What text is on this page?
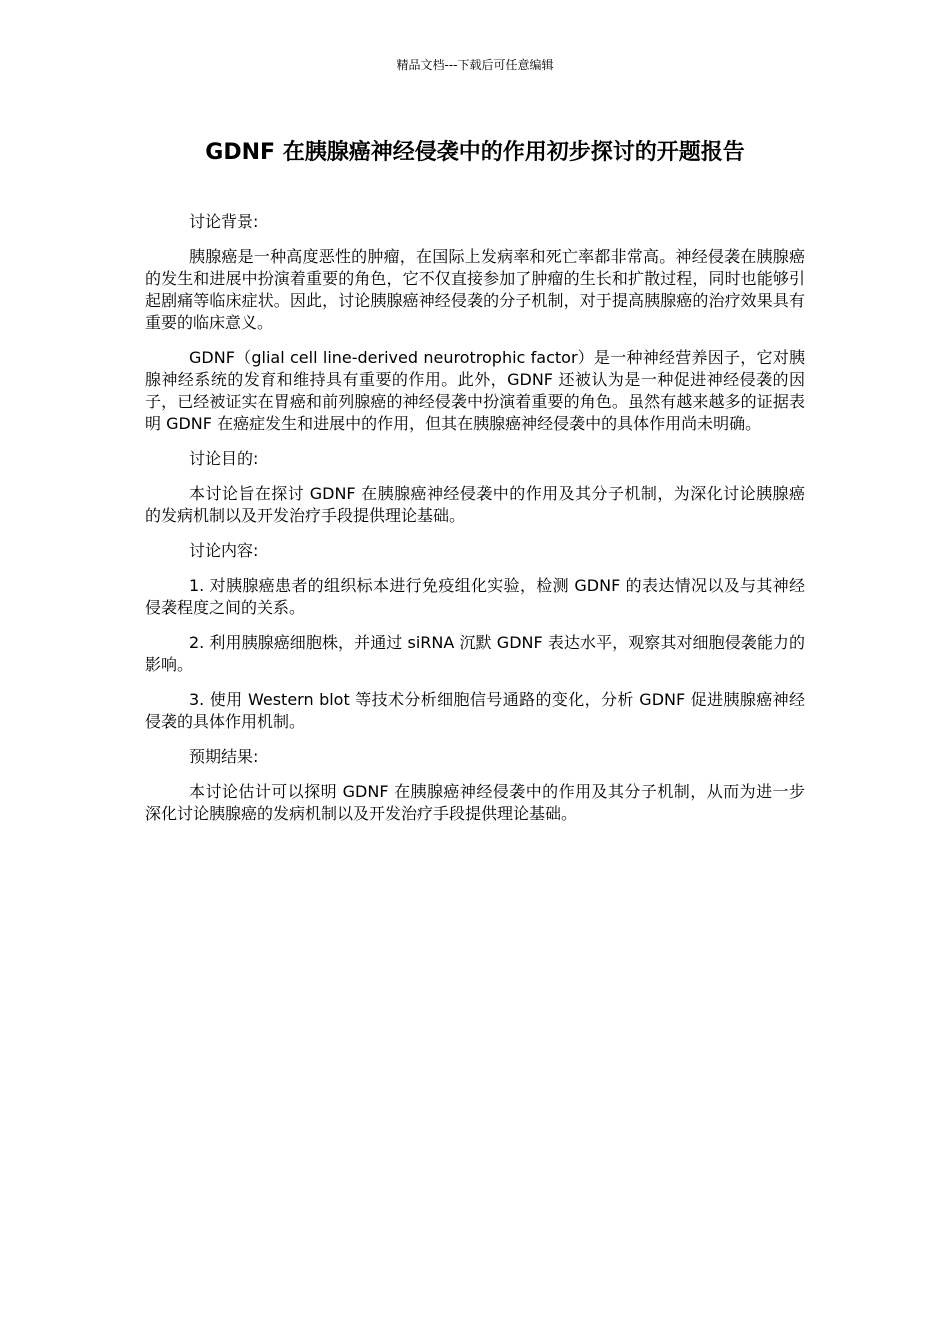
精品文档---下载后可任意编辑
GDNF 在胰腺癌神经侵袭中的作用初步探讨的开题报告

讨论背景:

胰腺癌是一种高度恶性的肿瘤，在国际上发病率和死亡率都非常高。神经侵袭在胰腺癌的发生和进展中扮演着重要的角色，它不仅直接参加了肿瘤的生长和扩散过程，同时也能够引起剧痛等临床症状。因此，讨论胰腺癌神经侵袭的分子机制，对于提高胰腺癌的治疗效果具有重要的临床意义。

GDNF（glial cell line-derived neurotrophic factor）是一种神经营养因子，它对胰腺神经系统的发育和维持具有重要的作用。此外，GDNF 还被认为是一种促进神经侵袭的因子，已经被证实在胃癌和前列腺癌的神经侵袭中扮演着重要的角色。虽然有越来越多的证据表明 GDNF 在癌症发生和进展中的作用，但其在胰腺癌神经侵袭中的具体作用尚未明确。

讨论目的:

本讨论旨在探讨 GDNF 在胰腺癌神经侵袭中的作用及其分子机制，为深化讨论胰腺癌的发病机制以及开发治疗手段提供理论基础。

讨论内容:

1. 对胰腺癌患者的组织标本进行免疫组化实验，检测 GDNF 的表达情况以及与其神经侵袭程度之间的关系。

2. 利用胰腺癌细胞株，并通过 siRNA 沉默 GDNF 表达水平，观察其对细胞侵袭能力的影响。

3. 使用 Western blot 等技术分析细胞信号通路的变化，分析 GDNF 促进胰腺癌神经侵袭的具体作用机制。

预期结果:

本讨论估计可以探明 GDNF 在胰腺癌神经侵袭中的作用及其分子机制，从而为进一步深化讨论胰腺癌的发病机制以及开发治疗手段提供理论基础。
